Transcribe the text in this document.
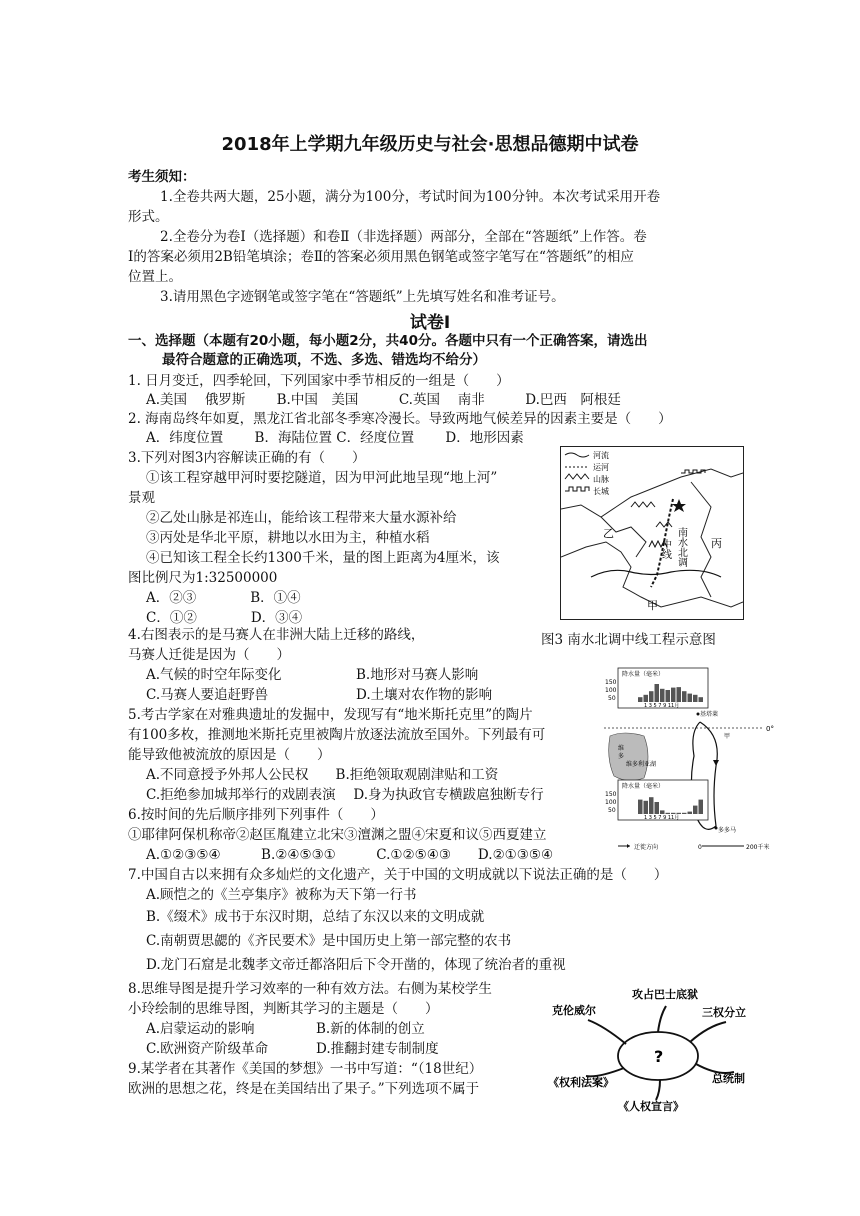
2018年上学期九年级历史与社会·思想品德期中试卷
考生须知：
1.全卷共两大题，25小题，满分为100分，考试时间为100分钟。本次考试采用开卷
形式。
2.全卷分为卷Ⅰ（选择题）和卷Ⅱ（非选择题）两部分，全部在“答题纸”上作答。卷
Ⅰ的答案必须用2B铅笔填涂；卷Ⅱ的答案必须用黑色钢笔或签字笔写在“答题纸”的相应
位置上。
3.请用黑色字迹钢笔或签字笔在“答题纸”上先填写姓名和准考证号。
试卷Ⅰ
一、选择题（本题有20小题，每小题2分，共40分。各题中只有一个正确答案，请选出
最符合题意的正确选项，不选、多选、错选均不给分）
1. 日月变迁，四季轮回，下列国家中季节相反的一组是（　　）
A.美国　 俄罗斯　　 B.中国　美国　　　C.英国　 南非　　　D.巴西　阿根廷
2. 海南岛终年如夏，黑龙江省北部冬季寒冷漫长。导致两地气候差异的因素主要是（　　）
A．纬度位置　　 B．海陆位置 C．经度位置　　 D．地形因素
3.下列对图3内容解读正确的有（　　）
①该工程穿越甲河时要挖隧道，因为甲河此地呈现“地上河”
景观
②乙处山脉是祁连山，能给该工程带来大量水源补给
③丙处是华北平原，耕地以水田为主，种植水稻
④已知该工程全长约1300千米，量的图上距离为4厘米，该
图比例尺为1:32500000
A．②③　　　　B．①④
C．①②　　　　D．③④
河流
运河
山脉
长城
南水北调
中线
甲
乙
丙
图3 南水北调中线工程示意图
4.右图表示的是马赛人在非洲大陆上迁移的路线，
马赛人迁徙是因为（　　）
A.气候的时空年际变化	B.地形对马赛人影响
C.马赛人要追赶野兽	D.土壤对农作物的影响
降水量（毫米）
150
100
50
1 3 5 7 9 11月
基塔莱
0°
维
多
维多利亚湖
甲
降水量（毫米）
150
100
50
1 3 5 7 9 11月
多多马
迁徙方向	0	200千米
5.考古学家在对雅典遗址的发掘中，发现写有“地米斯托克里”的陶片
有100多枚，推测地米斯托克里被陶片放逐法流放至国外。下列最有可
能导致他被流放的原因是（　　）
A.不同意授予外邦人公民权　　B.拒绝领取观剧津贴和工资
C.拒绝参加城邦举行的戏剧表演　 D.身为执政官专横跋扈独断专行
6.按时间的先后顺序排列下列事件（　　）
①耶律阿保机称帝②赵匡胤建立北宋③澶渊之盟④宋夏和议⑤西夏建立
A.①②③⑤④　　　B.②④⑤③①　　　C.①②⑤④③　　D.②①③⑤④
7.中国自古以来拥有众多灿烂的文化遗产，关于中国的文明成就以下说法正确的是（　　）
A.顾恺之的《兰亭集序》被称为天下第一行书
B.《缀术》成书于东汉时期，总结了东汉以来的文明成就
C.南朝贾思勰的《齐民要术》是中国历史上第一部完整的农书
D.龙门石窟是北魏孝文帝迁都洛阳后下令开凿的，体现了统治者的重视
8.思维导图是提升学习效率的一种有效方法。右侧为某校学生
小玲绘制的思维导图，判断其学习的主题是（　　）
A.启蒙运动的影响	B.新的体制的创立
C.欧洲资产阶级革命	D.推翻封建专制制度	?
克伦威尔
攻占巴士底狱
三权分立
总统制
《人权宣言》
《权利法案》
9.某学者在其著作《美国的梦想》一书中写道：“（18世纪）
欧洲的思想之花，终是在美国结出了果子。”下列选项不属于
